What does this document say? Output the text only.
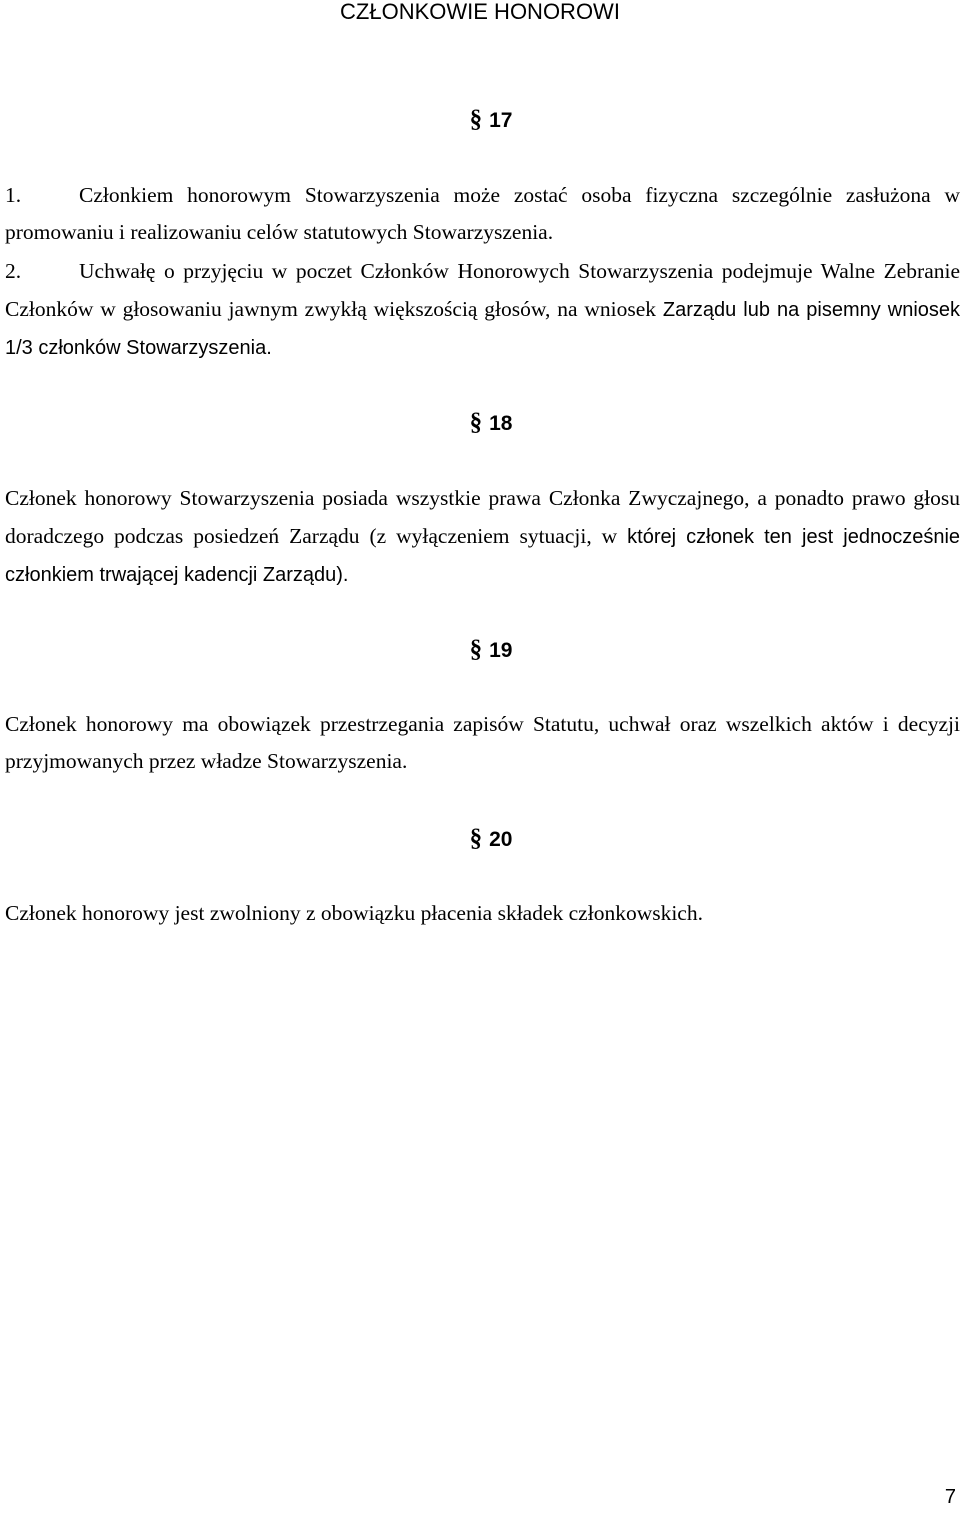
CZŁONKOWIE HONOROWI
§ 17

1.	Członkiem honorowym Stowarzyszenia może zostać osoba fizyczna szczególnie zasłużona w promowaniu i realizowaniu celów statutowych Stowarzyszenia.

2.	Uchwałę o przyjęciu w poczet Członków Honorowych Stowarzyszenia podejmuje Walne Zebranie Członków w głosowaniu jawnym zwykłą większością głosów, na wniosek Zarządu lub na pisemny wniosek 1/3 członków Stowarzyszenia.

§ 18

Członek honorowy Stowarzyszenia posiada wszystkie prawa Członka Zwyczajnego, a ponadto prawo głosu doradczego podczas posiedzeń Zarządu (z wyłączeniem sytuacji, w której członek ten jest jednocześnie członkiem trwającej kadencji Zarządu).

§ 19

Członek honorowy ma obowiązek przestrzegania zapisów Statutu, uchwał oraz wszelkich aktów i decyzji przyjmowanych przez władze Stowarzyszenia.

§ 20

Członek honorowy jest zwolniony z obowiązku płacenia składek członkowskich.

7
